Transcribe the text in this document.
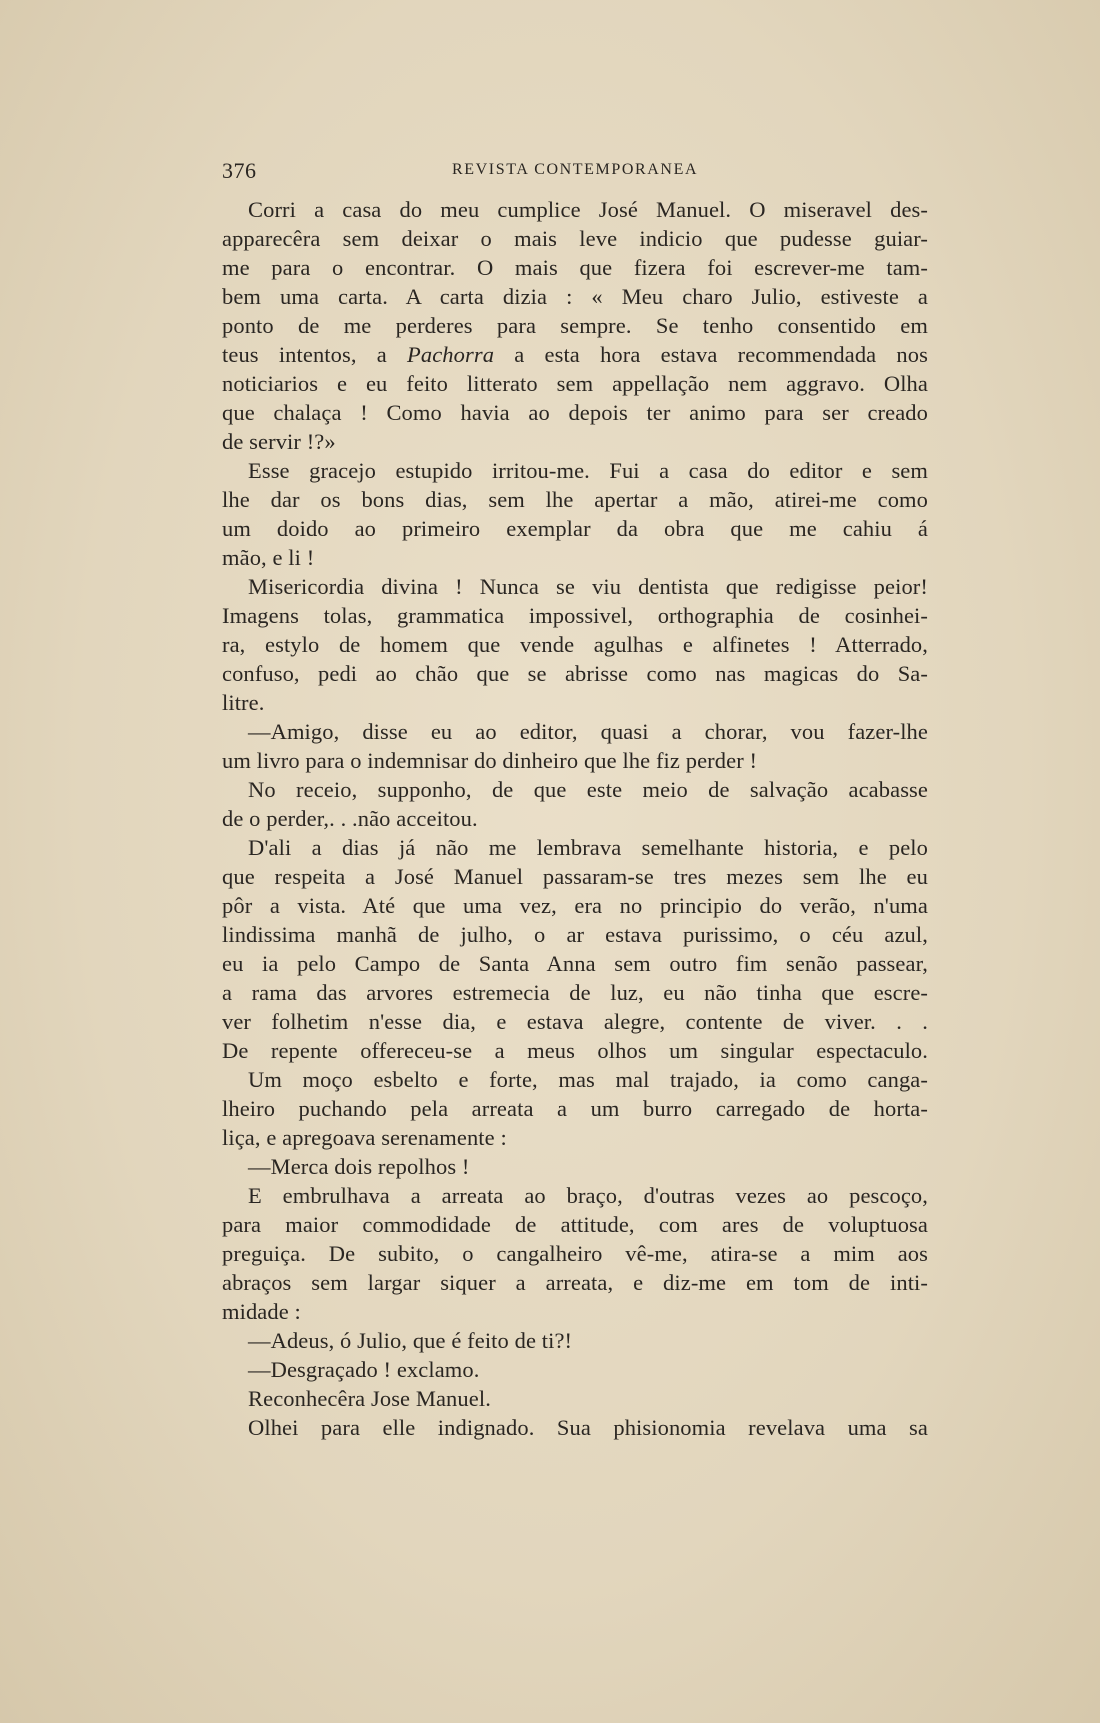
376	REVISTA CONTEMPORANEA
Corri a casa do meu cumplice José Manuel. O miseravel des-
apparecêra sem deixar o mais leve indicio que pudesse guiar-
me para o encontrar. O mais que fizera foi escrever-me tam-
bem uma carta. A carta dizia : « Meu charo Julio, estiveste a
ponto de me perderes para sempre. Se tenho consentido em
teus intentos, a Pachorra a esta hora estava recommendada nos
noticiarios e eu feito litterato sem appellação nem aggravo. Olha
que chalaça ! Como havia ao depois ter animo para ser creado
de servir !?»
Esse gracejo estupido irritou-me. Fui a casa do editor e sem
lhe dar os bons dias, sem lhe apertar a mão, atirei-me como
um doido ao primeiro exemplar da obra que me cahiu á
mão, e li !
Misericordia divina ! Nunca se viu dentista que redigisse peior!
Imagens tolas, grammatica impossivel, orthographia de cosinhei-
ra, estylo de homem que vende agulhas e alfinetes ! Atterrado,
confuso, pedi ao chão que se abrisse como nas magicas do Sa-
litre.
—Amigo, disse eu ao editor, quasi a chorar, vou fazer-lhe
um livro para o indemnisar do dinheiro que lhe fiz perder !
No receio, supponho, de que este meio de salvação acabasse
de o perder,. . .não acceitou.
D'ali a dias já não me lembrava semelhante historia, e pelo
que respeita a José Manuel passaram-se tres mezes sem lhe eu
pôr a vista. Até que uma vez, era no principio do verão, n'uma
lindissima manhã de julho, o ar estava purissimo, o céu azul,
eu ia pelo Campo de Santa Anna sem outro fim senão passear,
a rama das arvores estremecia de luz, eu não tinha que escre-
ver folhetim n'esse dia, e estava alegre, contente de viver. . .
De repente offereceu-se a meus olhos um singular espectaculo.
Um moço esbelto e forte, mas mal trajado, ia como canga-
lheiro puchando pela arreata a um burro carregado de horta-
liça, e apregoava serenamente :
—Merca dois repolhos !
E embrulhava a arreata ao braço, d'outras vezes ao pescoço,
para maior commodidade de attitude, com ares de voluptuosa
preguiça. De subito, o cangalheiro vê-me, atira-se a mim aos
abraços sem largar siquer a arreata, e diz-me em tom de inti-
midade :
—Adeus, ó Julio, que é feito de ti?!
—Desgraçado ! exclamo.
Reconhecêra Jose Manuel.
Olhei para elle indignado. Sua phisionomia revelava uma sa
